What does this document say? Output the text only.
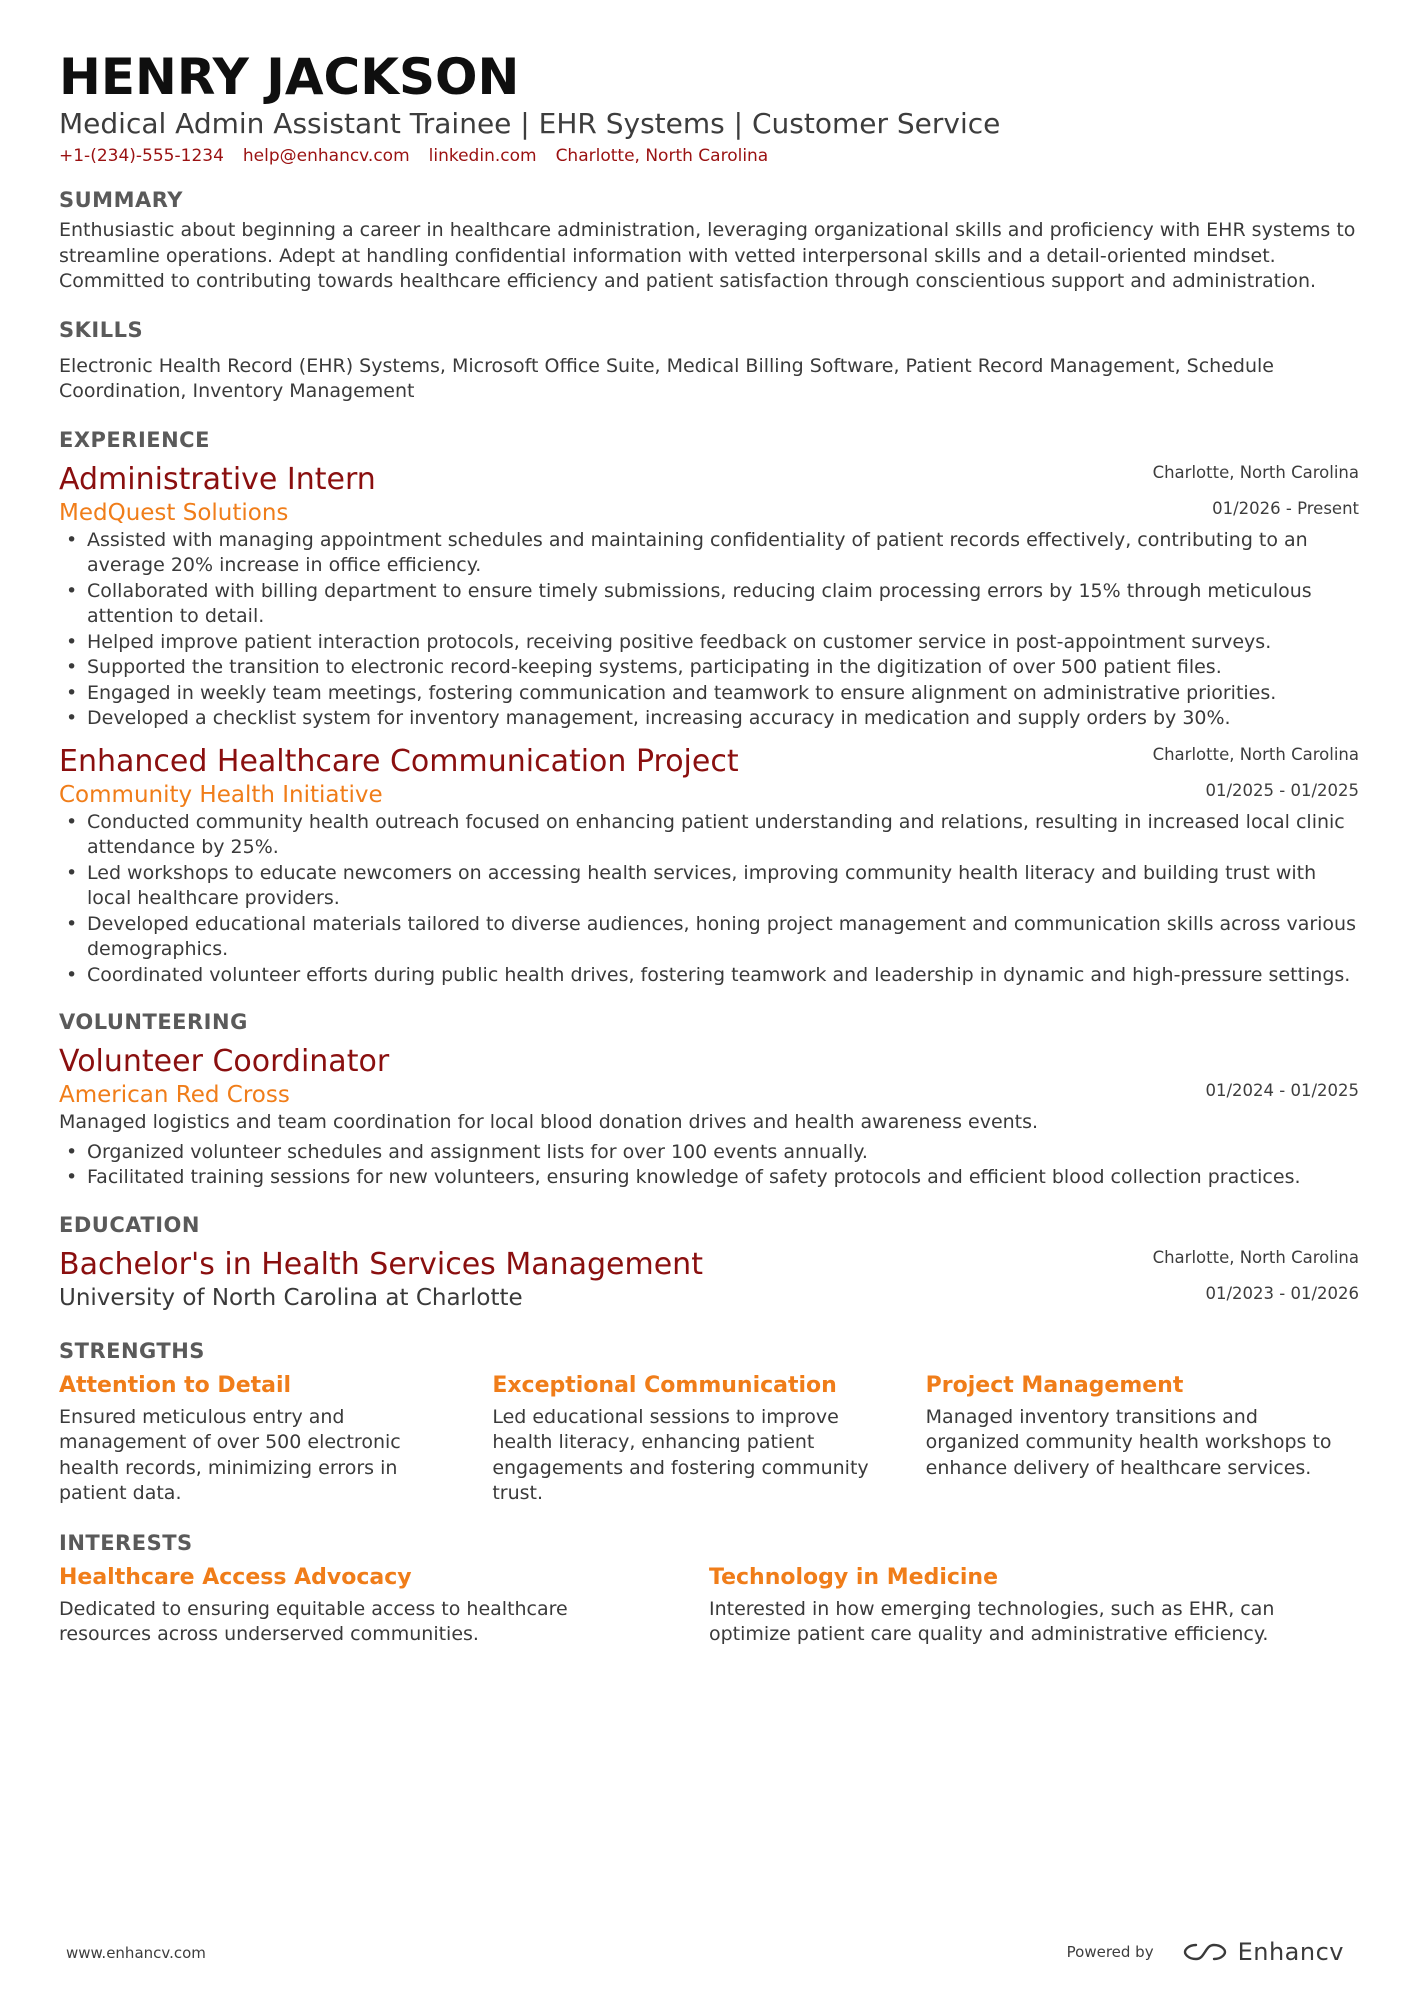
HENRY JACKSON
Medical Admin Assistant Trainee | EHR Systems | Customer Service
+1-(234)-555-1234 help@enhancv.com linkedin.com Charlotte, North Carolina
SUMMARY
Enthusiastic about beginning a career in healthcare administration, leveraging organizational skills and proficiency with EHR systems to streamline operations. Adept at handling confidential information with vetted interpersonal skills and a detail-oriented mindset. Committed to contributing towards healthcare efficiency and patient satisfaction through conscientious support and administration.
SKILLS
Electronic Health Record (EHR) Systems, Microsoft Office Suite, Medical Billing Software, Patient Record Management, Schedule Coordination, Inventory Management
EXPERIENCE
Charlotte, North Carolina
01/2026 - Present
Administrative Intern
MedQuest Solutions
• Assisted with managing appointment schedules and maintaining confidentiality of patient records effectively, contributing to an average 20% increase in office efficiency.
• Collaborated with billing department to ensure timely submissions, reducing claim processing errors by 15% through meticulous attention to detail.
• Helped improve patient interaction protocols, receiving positive feedback on customer service in post-appointment surveys.
• Supported the transition to electronic record-keeping systems, participating in the digitization of over 500 patient files.
• Engaged in weekly team meetings, fostering communication and teamwork to ensure alignment on administrative priorities.
• Developed a checklist system for inventory management, increasing accuracy in medication and supply orders by 30%.
Charlotte, North Carolina
01/2025 - 01/2025
Enhanced Healthcare Communication Project
Community Health Initiative
• Conducted community health outreach focused on enhancing patient understanding and relations, resulting in increased local clinic attendance by 25%.
• Led workshops to educate newcomers on accessing health services, improving community health literacy and building trust with local healthcare providers.
• Developed educational materials tailored to diverse audiences, honing project management and communication skills across various demographics.
• Coordinated volunteer efforts during public health drives, fostering teamwork and leadership in dynamic and high-pressure settings.
VOLUNTEERING
01/2024 - 01/2025
Volunteer Coordinator
American Red Cross
Managed logistics and team coordination for local blood donation drives and health awareness events.
• Organized volunteer schedules and assignment lists for over 100 events annually.
• Facilitated training sessions for new volunteers, ensuring knowledge of safety protocols and efficient blood collection practices.
EDUCATION
Charlotte, North Carolina
01/2023 - 01/2026
Bachelor's in Health Services Management
University of North Carolina at Charlotte
STRENGTHS
Attention to Detail
Ensured meticulous entry and management of over 500 electronic health records, minimizing errors in patient data.
Exceptional Communication
Led educational sessions to improve health literacy, enhancing patient engagements and fostering community trust.
Project Management
Managed inventory transitions and organized community health workshops to enhance delivery of healthcare services.
INTERESTS
Healthcare Access Advocacy
Dedicated to ensuring equitable access to healthcare resources across underserved communities.
Technology in Medicine
Interested in how emerging technologies, such as EHR, can optimize patient care quality and administrative efficiency.
www.enhancv.com	Powered by	Enhancv
